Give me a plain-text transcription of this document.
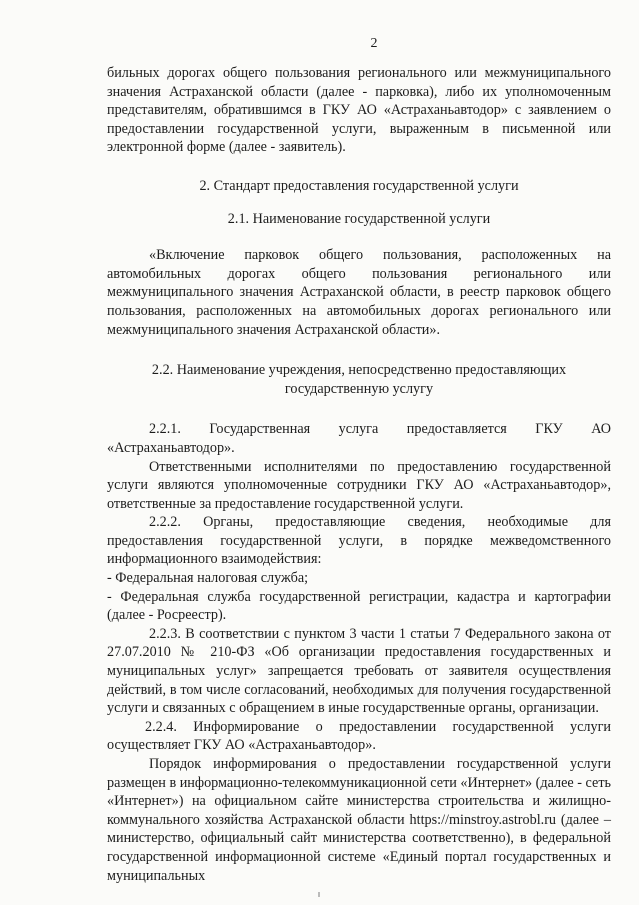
2

бильных дорогах общего пользования регионального или межмуниципального значения Астраханской области (далее - парковка), либо их уполномоченным представителям, обратившимся в ГКУ АО «Астраханьавтодор» с заявлением о предоставлении государственной услуги, выраженным в письменной или электронной форме (далее - заявитель).

2. Стандарт предоставления государственной услуги
2.1. Наименование государственной услуги

«Включение парковок общего пользования, расположенных на автомобильных дорогах общего пользования регионального или межмуниципального значения Астраханской области, в реестр парковок общего пользования, расположенных на автомобильных дорогах регионального или межмуниципального значения Астраханской области».

2.2. Наименование учреждения, непосредственно предоставляющих государственную услугу

2.2.1. Государственная услуга предоставляется ГКУ АО «Астраханьавтодор».

Ответственными исполнителями по предоставлению государственной услуги являются уполномоченные сотрудники ГКУ АО «Астраханьавтодор», ответственные за предоставление государственной услуги.

2.2.2. Органы, предоставляющие сведения, необходимые для предоставления государственной услуги, в порядке межведомственного информационного взаимодействия:

- Федеральная налоговая служба;

- Федеральная служба государственной регистрации, кадастра и картографии (далее - Росреестр).

2.2.3. В соответствии с пунктом 3 части 1 статьи 7 Федерального закона от 27.07.2010 № 210-ФЗ «Об организации предоставления государственных и муниципальных услуг» запрещается требовать от заявителя осуществления действий, в том числе согласований, необходимых для получения государственной услуги и связанных с обращением в иные государственные органы, организации.

2.2.4. Информирование о предоставлении государственной услуги осуществляет ГКУ АО «Астраханьавтодор».

Порядок информирования о предоставлении государственной услуги размещен в информационно-телекоммуникационной сети «Интернет» (далее - сеть «Интернет») на официальном сайте министерства строительства и жилищно-коммунального хозяйства Астраханской области https://minstroy.astrobl.ru (далее – министерство, официальный сайт министерства соответственно), в федеральной государственной информационной системе «Единый портал государственных и муниципальных
